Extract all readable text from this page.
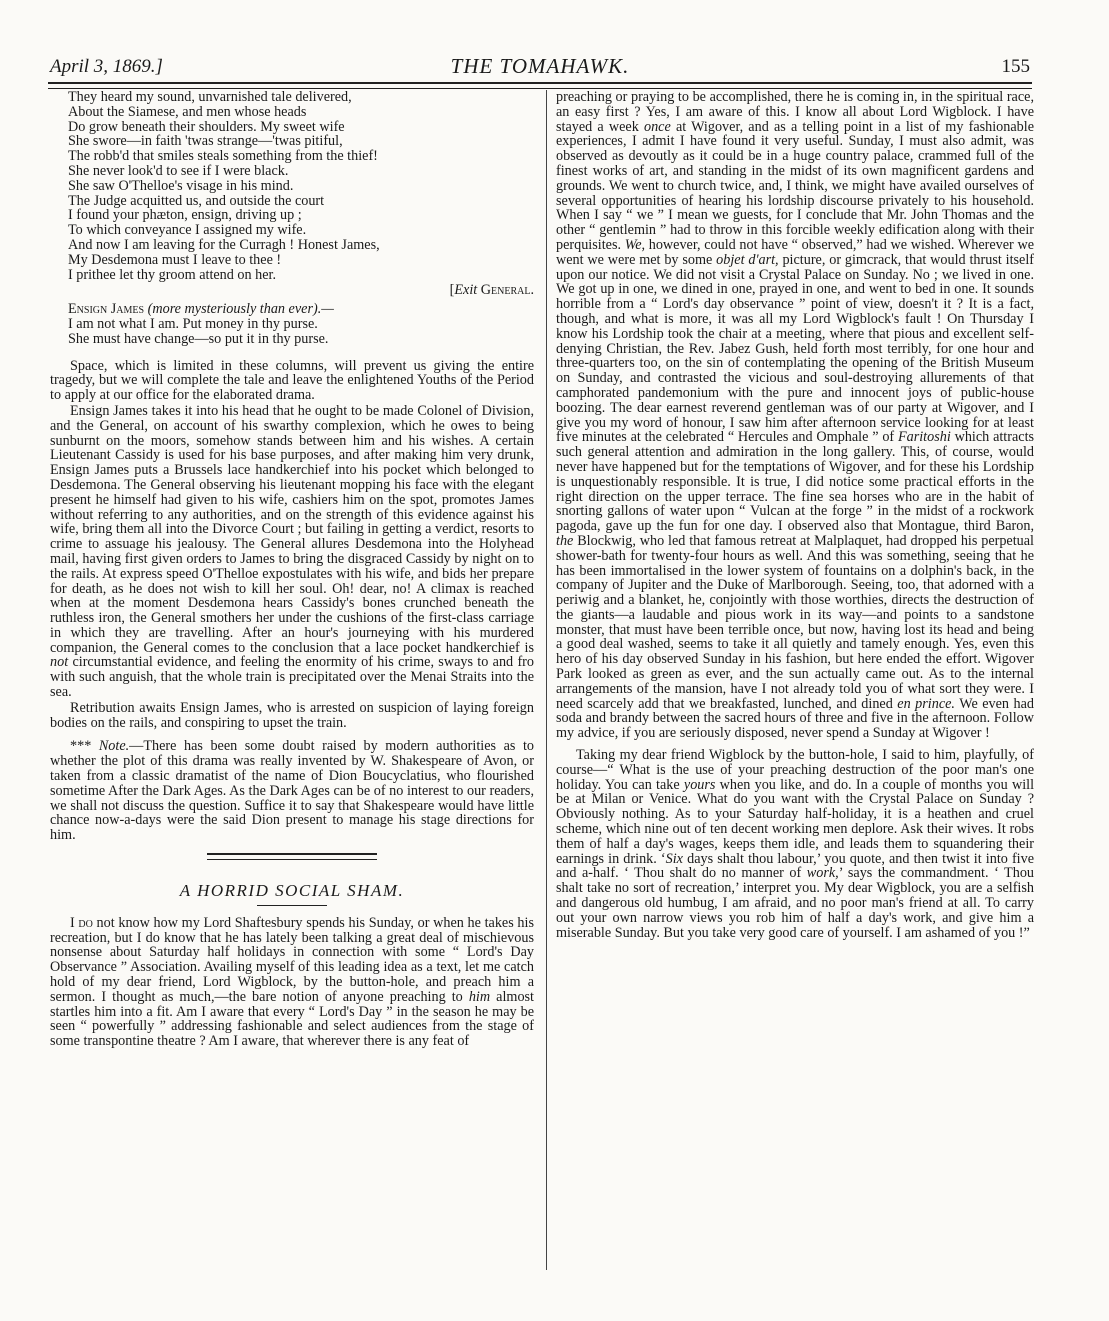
April 3, 1869.]	THE TOMAHAWK.	155
They heard my sound, unvarnished tale delivered,
About the Siamese, and men whose heads
Do grow beneath their shoulders. My sweet wife
She swore—in faith 'twas strange—'twas pitiful,
The robb'd that smiles steals something from the thief!
She never look'd to see if I were black.
She saw O'Thelloe's visage in his mind.
The Judge acquitted us, and outside the court
I found your phæton, ensign, driving up ;
To which conveyance I assigned my wife.
And now I am leaving for the Curragh ! Honest James,
My Desdemona must I leave to thee !
I prithee let thy groom attend on her.
[Exit General.
Ensign James (more mysteriously than ever).—
I am not what I am. Put money in thy purse.
She must have change—so put it in thy purse.

Space, which is limited in these columns, will prevent us giving the entire tragedy, but we will complete the tale and leave the enlightened Youths of the Period to apply at our office for the elaborated drama.

Ensign James takes it into his head that he ought to be made Colonel of Division, and the General, on account of his swarthy complexion, which he owes to being sunburnt on the moors, somehow stands between him and his wishes. A certain Lieutenant Cassidy is used for his base purposes, and after making him very drunk, Ensign James puts a Brussels lace handkerchief into his pocket which belonged to Desdemona. The General observing his lieutenant mopping his face with the elegant present he himself had given to his wife, cashiers him on the spot, promotes James without referring to any authorities, and on the strength of this evidence against his wife, bring them all into the Divorce Court ; but failing in getting a verdict, resorts to crime to assuage his jealousy. The General allures Desdemona into the Holyhead mail, having first given orders to James to bring the disgraced Cassidy by night on to the rails. At express speed O'Thelloe expostulates with his wife, and bids her prepare for death, as he does not wish to kill her soul. Oh! dear, no! A climax is reached when at the moment Desdemona hears Cassidy's bones crunched beneath the ruthless iron, the General smothers her under the cushions of the first-class carriage in which they are travelling. After an hour's journeying with his murdered companion, the General comes to the conclusion that a lace pocket handkerchief is not circumstantial evidence, and feeling the enormity of his crime, sways to and fro with such anguish, that the whole train is precipitated over the Menai Straits into the sea.

Retribution awaits Ensign James, who is arrested on suspicion of laying foreign bodies on the rails, and conspiring to upset the train.

*** Note.—There has been some doubt raised by modern authorities as to whether the plot of this drama was really invented by W. Shakespeare of Avon, or taken from a classic dramatist of the name of Dion Boucyclatius, who flourished sometime After the Dark Ages. As the Dark Ages can be of no interest to our readers, we shall not discuss the question. Suffice it to say that Shakespeare would have little chance now-a-days were the said Dion present to manage his stage directions for him.

A HORRID SOCIAL SHAM.

I do not know how my Lord Shaftesbury spends his Sunday, or when he takes his recreation, but I do know that he has lately been talking a great deal of mischievous nonsense about Saturday half holidays in connection with some “ Lord's Day Observance ” Association. Availing myself of this leading idea as a text, let me catch hold of my dear friend, Lord Wigblock, by the button-hole, and preach him a sermon. I thought as much,—the bare notion of anyone preaching to him almost startles him into a fit. Am I aware that every “ Lord's Day ” in the season he may be seen “ powerfully ” addressing fashionable and select audiences from the stage of some transpontine theatre ? Am I aware, that wherever there is any feat of

preaching or praying to be accomplished, there he is coming in, in the spiritual race, an easy first ? Yes, I am aware of this. I know all about Lord Wigblock. I have stayed a week once at Wigover, and as a telling point in a list of my fashionable experiences, I admit I have found it very useful. Sunday, I must also admit, was observed as devoutly as it could be in a huge country palace, crammed full of the finest works of art, and standing in the midst of its own magnificent gardens and grounds. We went to church twice, and, I think, we might have availed ourselves of several opportunities of hearing his lordship discourse privately to his household. When I say “ we ” I mean we guests, for I conclude that Mr. John Thomas and the other “ gentlemin ” had to throw in this forcible weekly edification along with their perquisites. We, however, could not have “ observed,” had we wished. Wherever we went we were met by some objet d'art, picture, or gimcrack, that would thrust itself upon our notice. We did not visit a Crystal Palace on Sunday. No ; we lived in one. We got up in one, we dined in one, prayed in one, and went to bed in one. It sounds horrible from a “ Lord's day observance ” point of view, doesn't it ? It is a fact, though, and what is more, it was all my Lord Wigblock's fault ! On Thursday I know his Lordship took the chair at a meeting, where that pious and excellent self-denying Christian, the Rev. Jabez Gush, held forth most terribly, for one hour and three-quarters too, on the sin of contemplating the opening of the British Museum on Sunday, and contrasted the vicious and soul-destroying allurements of that camphorated pandemonium with the pure and innocent joys of public-house boozing. The dear earnest reverend gentleman was of our party at Wigover, and I give you my word of honour, I saw him after afternoon service looking for at least five minutes at the celebrated “ Hercules and Omphale ” of Faritoshi which attracts such general attention and admiration in the long gallery. This, of course, would never have happened but for the temptations of Wigover, and for these his Lordship is unquestionably responsible. It is true, I did notice some practical efforts in the right direction on the upper terrace. The fine sea horses who are in the habit of snorting gallons of water upon “ Vulcan at the forge ” in the midst of a rockwork pagoda, gave up the fun for one day. I observed also that Montague, third Baron, the Blockwig, who led that famous retreat at Malplaquet, had dropped his perpetual shower-bath for twenty-four hours as well. And this was something, seeing that he has been immortalised in the lower system of fountains on a dolphin's back, in the company of Jupiter and the Duke of Marlborough. Seeing, too, that adorned with a periwig and a blanket, he, conjointly with those worthies, directs the destruction of the giants—a laudable and pious work in its way—and points to a sandstone monster, that must have been terrible once, but now, having lost its head and being a good deal washed, seems to take it all quietly and tamely enough. Yes, even this hero of his day observed Sunday in his fashion, but here ended the effort. Wigover Park looked as green as ever, and the sun actually came out. As to the internal arrangements of the mansion, have I not already told you of what sort they were. I need scarcely add that we breakfasted, lunched, and dined en prince. We even had soda and brandy between the sacred hours of three and five in the afternoon. Follow my advice, if you are seriously disposed, never spend a Sunday at Wigover !

Taking my dear friend Wigblock by the button-hole, I said to him, playfully, of course—“ What is the use of your preaching destruction of the poor man's one holiday. You can take yours when you like, and do. In a couple of months you will be at Milan or Venice. What do you want with the Crystal Palace on Sunday ? Obviously nothing. As to your Saturday half-holiday, it is a heathen and cruel scheme, which nine out of ten decent working men deplore. Ask their wives. It robs them of half a day's wages, keeps them idle, and leads them to squandering their earnings in drink. ‘Six days shalt thou labour,’ you quote, and then twist it into five and a-half. ‘ Thou shalt do no manner of work,’ says the commandment. ‘ Thou shalt take no sort of recreation,’ interpret you. My dear Wigblock, you are a selfish and dangerous old humbug, I am afraid, and no poor man's friend at all. To carry out your own narrow views you rob him of half a day's work, and give him a miserable Sunday. But you take very good care of yourself. I am ashamed of you !”
